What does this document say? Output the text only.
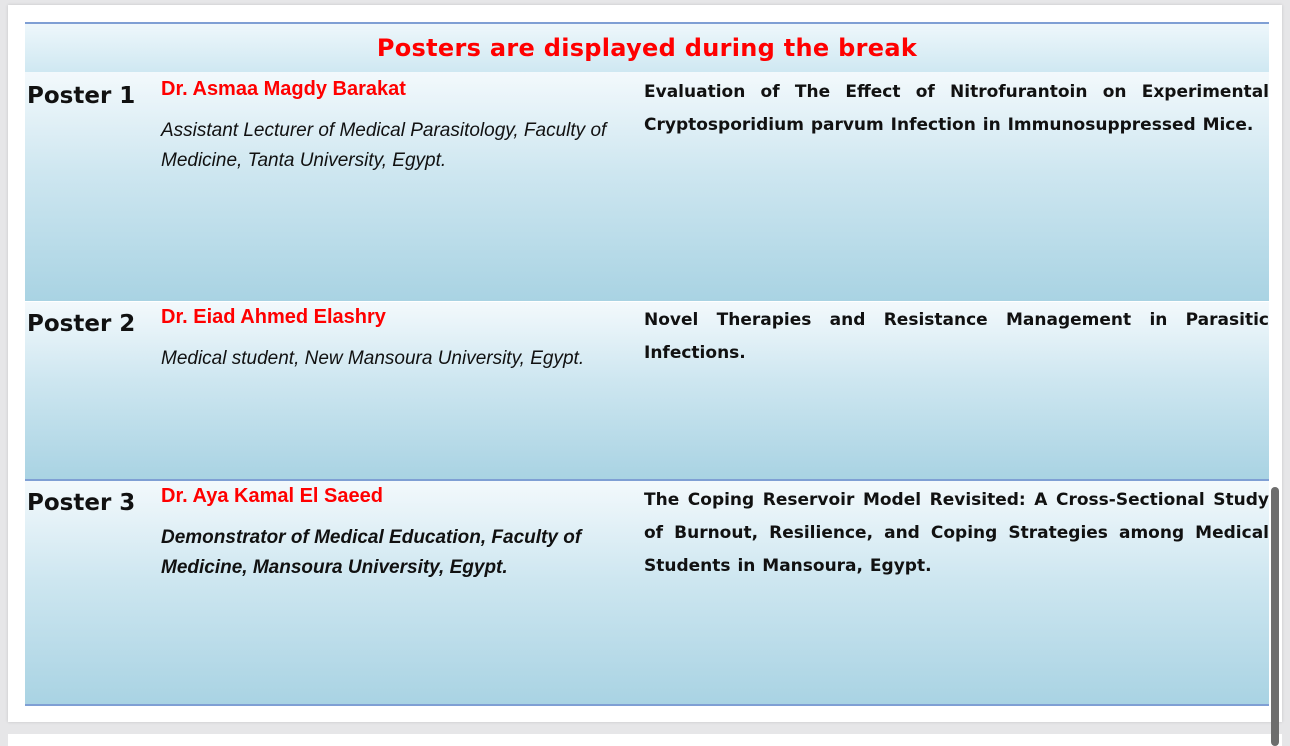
Posters are displayed during the break
Poster 1 Dr. Asmaa Magdy Barakat
Assistant Lecturer of Medical Parasitology, Faculty of Medicine, Tanta University, Egypt.
Evaluation of The Effect of Nitrofurantoin on Experimental Cryptosporidium parvum Infection in Immunosuppressed Mice.
Poster 2 Dr. Eiad Ahmed Elashry
Medical student, New Mansoura University, Egypt.
Novel Therapies and Resistance Management in Parasitic Infections.
Poster 3 Dr. Aya Kamal El Saeed
Demonstrator of Medical Education, Faculty of Medicine, Mansoura University, Egypt.
The Coping Reservoir Model Revisited: A Cross-Sectional Study of Burnout, Resilience, and Coping Strategies among Medical Students in Mansoura, Egypt.
